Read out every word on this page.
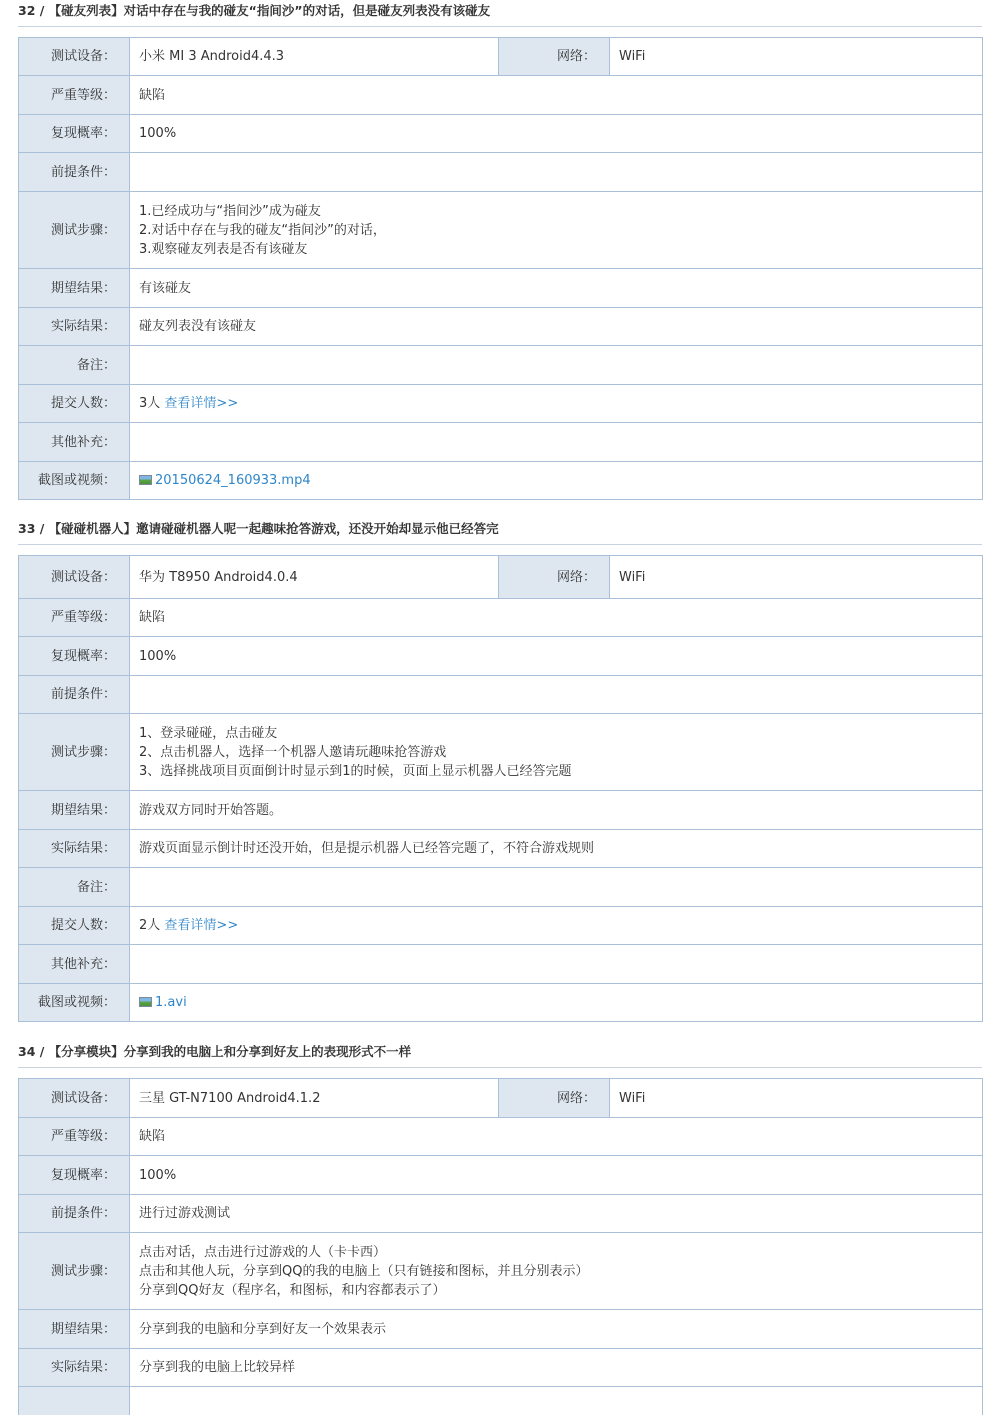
32 / 【碰友列表】对话中存在与我的碰友“指间沙”的对话，但是碰友列表没有该碰友
测试设备：	小米 MI 3 Android4.4.3	网络：	WiFi
严重等级：	缺陷		
复现概率：	100%		
前提条件：			
测试步骤：	1.已经成功与“指间沙”成为碰友
2.对话中存在与我的碰友“指间沙”的对话，
3.观察碰友列表是否有该碰友		

期望结果：	有该碰友		
实际结果：	碰友列表没有该碰友		
备注：			
提交人数：	3人 查看详情>>		
其他补充：			
截图或视频：	20150624_160933.mp4		
33 / 【碰碰机器人】邀请碰碰机器人呢一起趣味抢答游戏，还没开始却显示他已经答完
测试设备：	华为 T8950 Android4.0.4	网络：	WiFi
严重等级：	缺陷		
复现概率：	100%		
前提条件：			
测试步骤：	1、登录碰碰，点击碰友
2、点击机器人，选择一个机器人邀请玩趣味抢答游戏
3、选择挑战项目页面倒计时显示到1的时候，页面上显示机器人已经答完题		

期望结果：	游戏双方同时开始答题。		
实际结果：	游戏页面显示倒计时还没开始，但是提示机器人已经答完题了，不符合游戏规则		
备注：			
提交人数：	2人 查看详情>>		
其他补充：			
截图或视频：	1.avi		
34 / 【分享模块】分享到我的电脑上和分享到好友上的表现形式不一样
测试设备：	三星 GT-N7100 Android4.1.2	网络：	WiFi
严重等级：	缺陷		
复现概率：	100%		
前提条件：	进行过游戏测试		
测试步骤：	点击对话，点击进行过游戏的人（卡卡西）
点击和其他人玩，分享到QQ的我的电脑上（只有链接和图标，并且分别表示）
分享到QQ好友（程序名，和图标，和内容都表示了）		

期望结果：	分享到我的电脑和分享到好友一个效果表示		
实际结果：	分享到我的电脑上比较异样		
